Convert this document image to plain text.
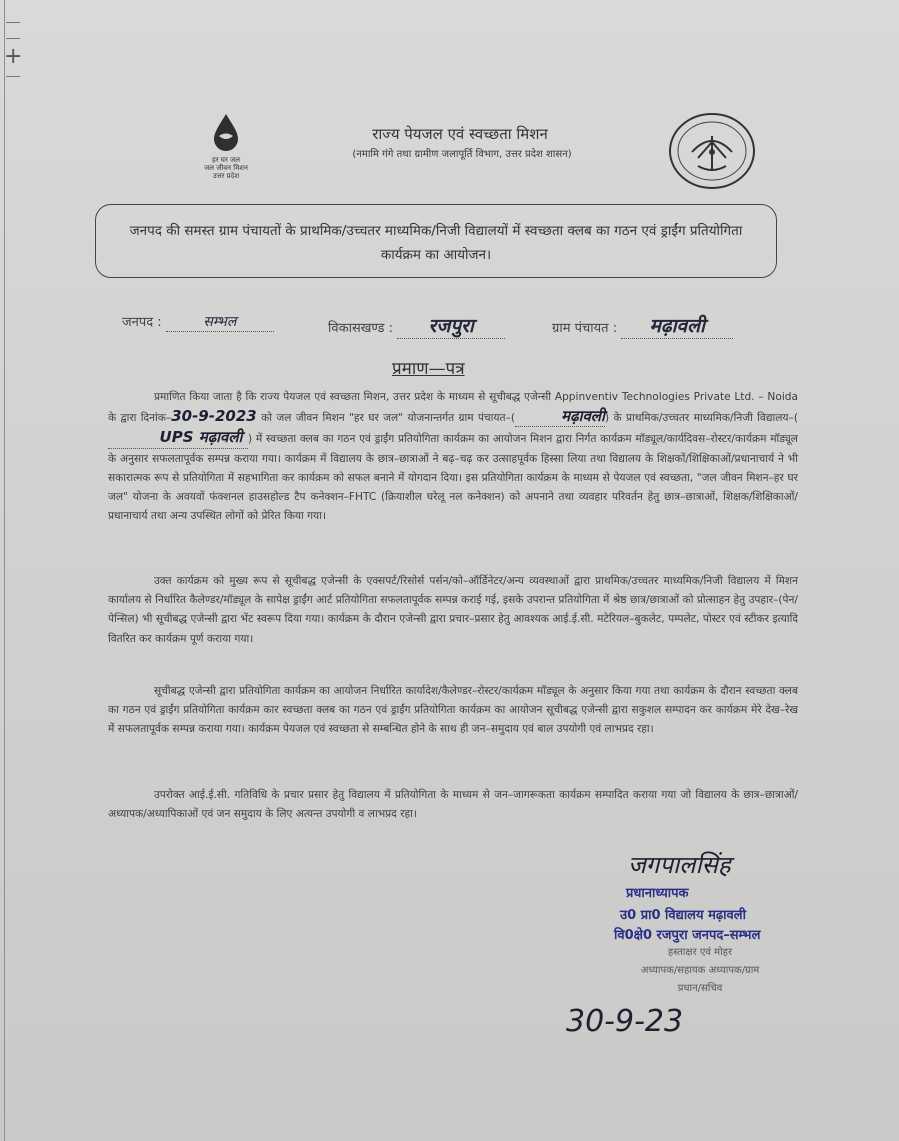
+
हर घर जल
जल जीवन मिशन
उत्तर प्रदेश
राज्य पेयजल एवं स्वच्छता मिशन
(नमामि गंगे तथा ग्रामीण जलापूर्ति विभाग, उत्तर प्रदेश शासन)
जनपद की समस्त ग्राम पंचायतों के प्राथमिक/उच्चतर माध्यमिक/निजी विद्यालयों में स्वच्छता क्लब का गठन एवं ड्राईंग प्रतियोगिता कार्यक्रम का आयोजन।
जनपद :	सम्भल	विकासखण्ड : रजपुरा	ग्राम पंचायत : मढ़ावली
प्रमाण—पत्र
प्रमाणित किया जाता है कि राज्य पेयजल एवं स्वच्छता मिशन, उत्तर प्रदेश के माध्यम से सूचीबद्ध एजेन्सी Appinventiv Technologies Private Ltd. – Noida के द्वारा दिनांक–30-9-2023 को जल जीवन मिशन "हर घर जल" योजनान्तर्गत ग्राम पंचायत–(	मढ़ावली) के प्राथमिक/उच्चतर माध्यमिक/निजी विद्यालय–(UPS मढ़ावली ) में स्वच्छता क्लब का गठन एवं ड्राईंग प्रतियोगिता कार्यक्रम का आयोजन मिशन द्वारा निर्गत कार्यक्रम मॉड्यूल/कार्यदिवस–रोस्टर/कार्यक्रम मॉड्यूल के अनुसार सफलतापूर्वक सम्पन्न कराया गया। कार्यक्रम में विद्यालय के छात्र–छात्राओं ने बढ़–चढ़ कर उत्साहपूर्वक हिस्सा लिया तथा विद्यालय के शिक्षकों/शिक्षिकाओं/प्रधानाचार्य ने भी सकारात्मक रूप से प्रतियोगिता में सहभागिता कर कार्यक्रम को सफल बनाने में योगदान दिया। इस प्रतियोगिता कार्यक्रम के माध्यम से पेयजल एवं स्वच्छता, "जल जीवन मिशन–हर घर जल" योजना के अवयवों फंक्शनल हाउसहोल्ड टैप कनेक्शन–FHTC (क्रियाशील घरेलू नल कनेक्शन) को अपनाने तथा व्यवहार परिवर्तन हेतु छात्र–छात्राओं, शिक्षक/शिक्षिकाओं/प्रधानाचार्य तथा अन्य उपस्थित लोगों को प्रेरित किया गया।
उक्त कार्यक्रम को मुख्य रूप से सूचीबद्ध एजेन्सी के एक्सपर्ट/रिसोर्स पर्सन/को–ऑर्डिनेटर/अन्य व्यवस्थाओं द्वारा प्राथमिक/उच्चतर माध्यमिक/निजी विद्यालय में मिशन कार्यालय से निर्धारित कैलेण्डर/मॉड्यूल के सापेक्ष ड्राईंग आर्ट प्रतियोगिता सफलतापूर्वक सम्पन्न कराई गई, इसके उपरान्त प्रतियोगिता में श्रेष्ठ छात्र/छात्राओं को प्रोत्साहन हेतु उपहार–(पेन/पेन्सिल) भी सूचीबद्ध एजेन्सी द्वारा भेंट स्वरूप दिया गया। कार्यक्रम के दौरान एजेन्सी द्वारा प्रचार–प्रसार हेतु आवश्यक आई.ई.सी. मटेरियल–बुकलेट, पम्पलेट, पोस्टर एवं स्टीकर इत्यादि वितरित कर कार्यक्रम पूर्ण कराया गया।
सूचीबद्ध एजेन्सी द्वारा प्रतियोगिता कार्यक्रम का आयोजन निर्धारित कार्यादेश/कैलेण्डर–रोस्टर/कार्यक्रम मॉड्यूल के अनुसार किया गया तथा कार्यक्रम के दौरान स्वच्छता क्लब का गठन एवं ड्राईंग प्रतियोगिता कार्यक्रम कार स्वच्छता क्लब का गठन एवं ड्राईंग प्रतियोगिता कार्यक्रम का आयोजन सूचीबद्ध एजेन्सी द्वारा सकुशल सम्पादन कर कार्यक्रम मेरे देख–रेख में सफलतापूर्वक सम्पन्न कराया गया। कार्यक्रम पेयजल एवं स्वच्छता से सम्बन्धित होने के साथ ही जन–समुदाय एवं बाल उपयोगी एवं लाभप्रद रहा।
उपरोक्त आई.ई.सी. गतिविधि के प्रचार प्रसार हेतु विद्यालय में प्रतियोगिता के माध्यम से जन–जागरूकता कार्यक्रम सम्पादित कराया गया जो विद्यालय के छात्र–छात्राओं/अध्यापक/अध्यापिकाओं एवं जन समुदाय के लिए अत्यन्त उपयोगी व लाभप्रद रहा।
जगपालसिंह
प्रधानाध्यापक
उ0 प्रा0 विद्यालय मढ़ावली
वि0क्षे0 रजपुरा जनपद–सम्भल
हस्ताक्षर एवं मोहर
अध्यापक/सहायक अध्यापक/ग्राम
प्रधान/सचिव
30-9-23
